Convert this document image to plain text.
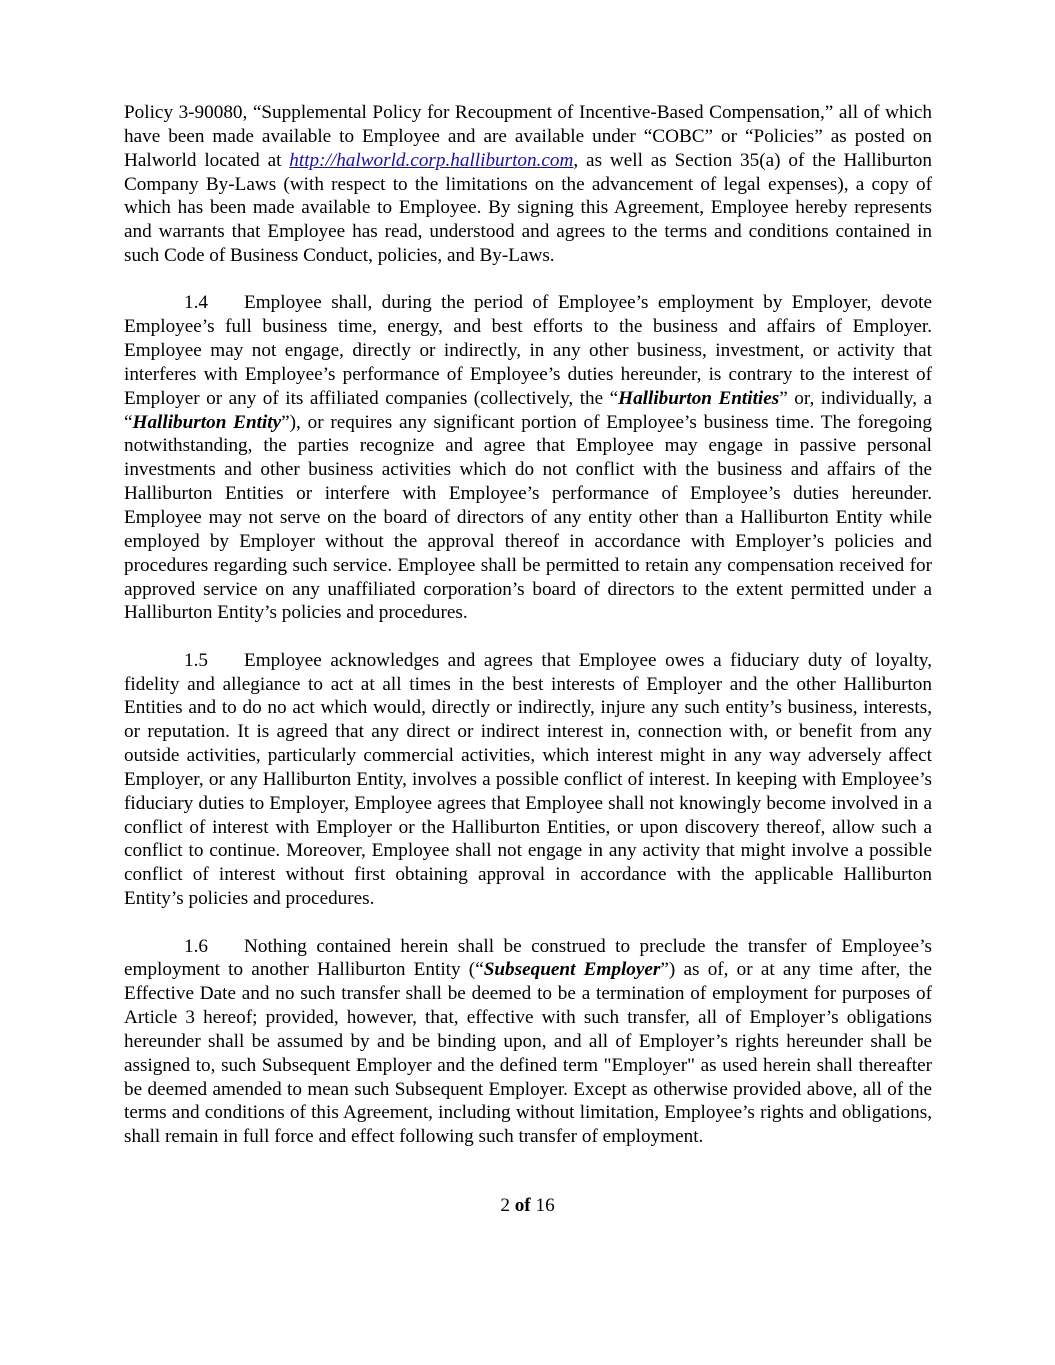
Policy 3-90080, “Supplemental Policy for Recoupment of Incentive-Based Compensation,” all of which have been made available to Employee and are available under “COBC” or “Policies” as posted on Halworld located at http://halworld.corp.halliburton.com, as well as Section 35(a) of the Halliburton Company By-Laws (with respect to the limitations on the advancement of legal expenses), a copy of which has been made available to Employee. By signing this Agreement, Employee hereby represents and warrants that Employee has read, understood and agrees to the terms and conditions contained in such Code of Business Conduct, policies, and By-Laws.

1.4 Employee shall, during the period of Employee’s employment by Employer, devote Employee’s full business time, energy, and best efforts to the business and affairs of Employer. Employee may not engage, directly or indirectly, in any other business, investment, or activity that interferes with Employee’s performance of Employee’s duties hereunder, is contrary to the interest of Employer or any of its affiliated companies (collectively, the “Halliburton Entities” or, individually, a “Halliburton Entity”), or requires any significant portion of Employee’s business time. The foregoing notwithstanding, the parties recognize and agree that Employee may engage in passive personal investments and other business activities which do not conflict with the business and affairs of the Halliburton Entities or interfere with Employee’s performance of Employee’s duties hereunder. Employee may not serve on the board of directors of any entity other than a Halliburton Entity while employed by Employer without the approval thereof in accordance with Employer’s policies and procedures regarding such service. Employee shall be permitted to retain any compensation received for approved service on any unaffiliated corporation’s board of directors to the extent permitted under a Halliburton Entity’s policies and procedures.

1.5 Employee acknowledges and agrees that Employee owes a fiduciary duty of loyalty, fidelity and allegiance to act at all times in the best interests of Employer and the other Halliburton Entities and to do no act which would, directly or indirectly, injure any such entity’s business, interests, or reputation. It is agreed that any direct or indirect interest in, connection with, or benefit from any outside activities, particularly commercial activities, which interest might in any way adversely affect Employer, or any Halliburton Entity, involves a possible conflict of interest. In keeping with Employee’s fiduciary duties to Employer, Employee agrees that Employee shall not knowingly become involved in a conflict of interest with Employer or the Halliburton Entities, or upon discovery thereof, allow such a conflict to continue. Moreover, Employee shall not engage in any activity that might involve a possible conflict of interest without first obtaining approval in accordance with the applicable Halliburton Entity’s policies and procedures.

1.6 Nothing contained herein shall be construed to preclude the transfer of Employee’s employment to another Halliburton Entity (“Subsequent Employer”) as of, or at any time after, the Effective Date and no such transfer shall be deemed to be a termination of employment for purposes of Article 3 hereof; provided, however, that, effective with such transfer, all of Employer’s obligations hereunder shall be assumed by and be binding upon, and all of Employer’s rights hereunder shall be assigned to, such Subsequent Employer and the defined term "Employer" as used herein shall thereafter be deemed amended to mean such Subsequent Employer. Except as otherwise provided above, all of the terms and conditions of this Agreement, including without limitation, Employee’s rights and obligations, shall remain in full force and effect following such transfer of employment.

2 of 16
